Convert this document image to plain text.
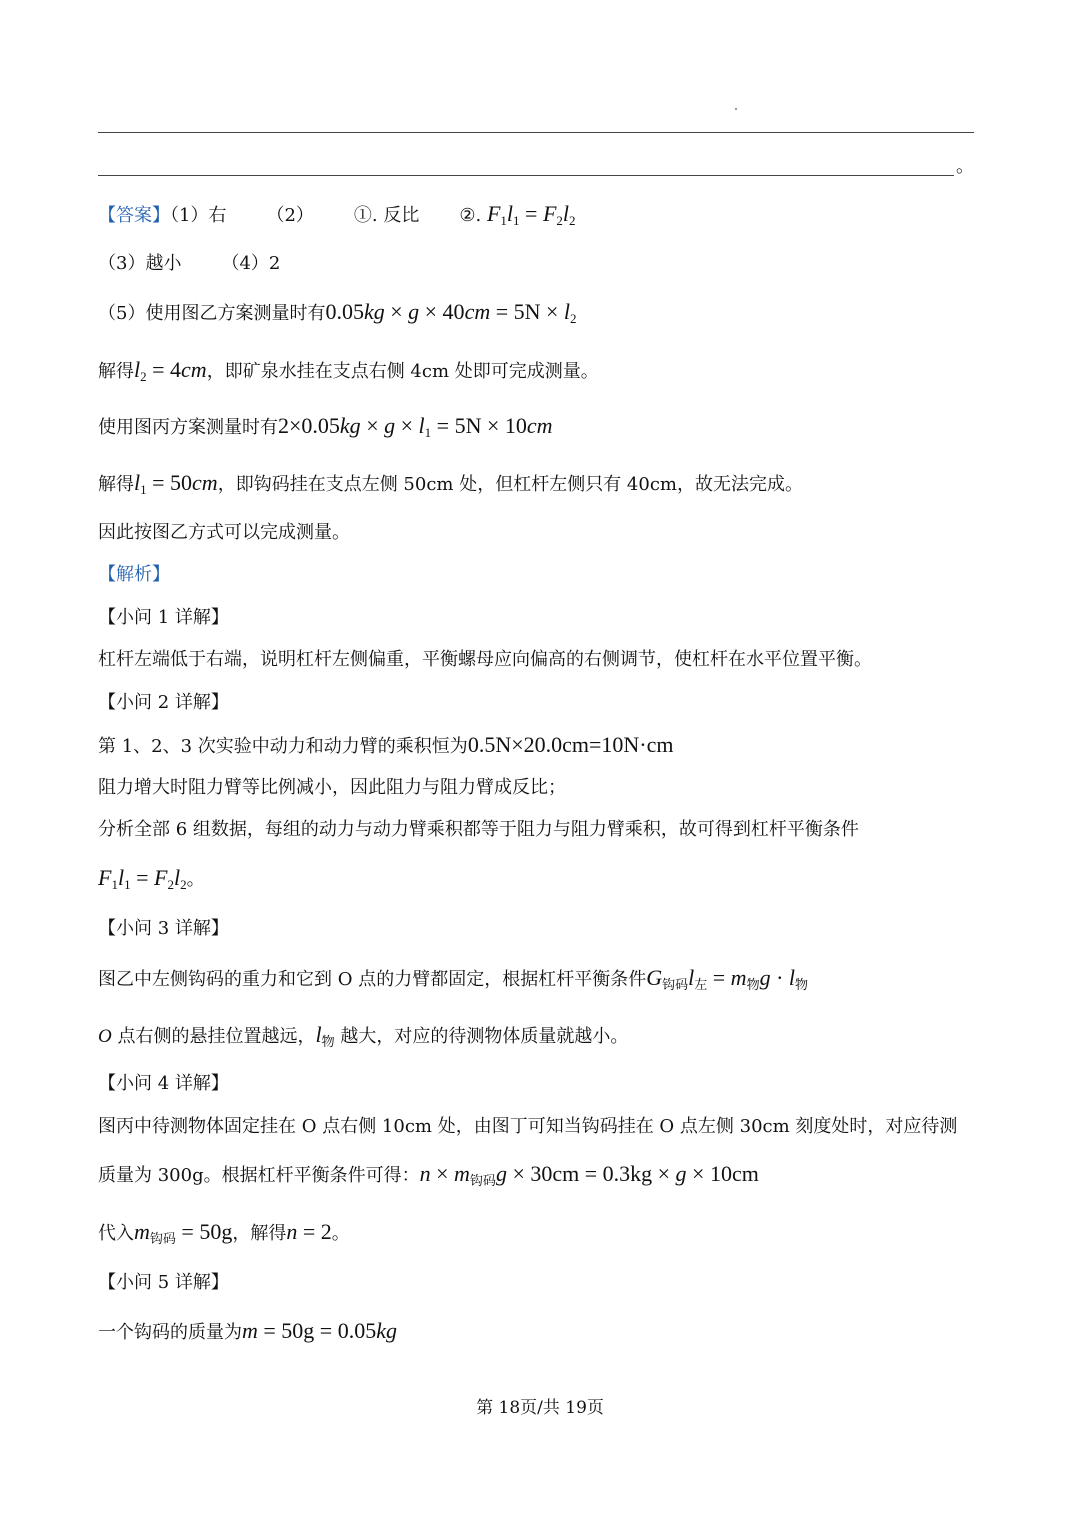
。
【答案】（1）右 （2） ①. 反比 ②. $F_1l_1 = F_2l_2$
（3）越小 （4）2
（5）使用图乙方案测量时有$0.05kg \times g \times 40cm = 5N \times l_2$
解得$l_2 = 4cm$，即矿泉水挂在支点右侧 4cm 处即可完成测量。
使用图丙方案测量时有$2\times 0.05kg \times g \times l_1 = 5N \times 10cm$
解得$l_1 = 50cm$，即钩码挂在支点左侧 50cm 处，但杠杆左侧只有 40cm，故无法完成。
因此按图乙方式可以完成测量。
【解析】
【小问 1 详解】
杠杆左端低于右端，说明杠杆左侧偏重，平衡螺母应向偏高的右侧调节，使杠杆在水平位置平衡。
【小问 2 详解】
第 1、2、3 次实验中动力和动力臂的乘积恒为0.5N×20.0cm=10N·cm
阻力增大时阻力臂等比例减小，因此阻力与阻力臂成反比；
分析全部 6 组数据，每组的动力与动力臂乘积都等于阻力与阻力臂乘积，故可得到杠杆平衡条件
$F_1l_1 = F_2l_2$。
【小问 3 详解】
图乙中左侧钩码的重力和它到 O 点的力臂都固定，根据杠杆平衡条件$G_{钩码}l_左 = m_物g \cdot l_物$
O 点右侧的悬挂位置越远，$l_物$ 越大，对应的待测物体质量就越小。
【小问 4 详解】
图丙中待测物体固定挂在 O 点右侧 10cm 处，由图丁可知当钩码挂在 O 点左侧 30cm 刻度处时，对应待测
质量为 300g。根据杠杆平衡条件可得：$n \times m_{钩码}g \times 30cm = 0.3kg \times g \times 10cm$
代入$m_{钩码} = 50g$，解得n = 2。
【小问 5 详解】
一个钩码的质量为m = 50g = 0.05kg
第 18页/共 19页
